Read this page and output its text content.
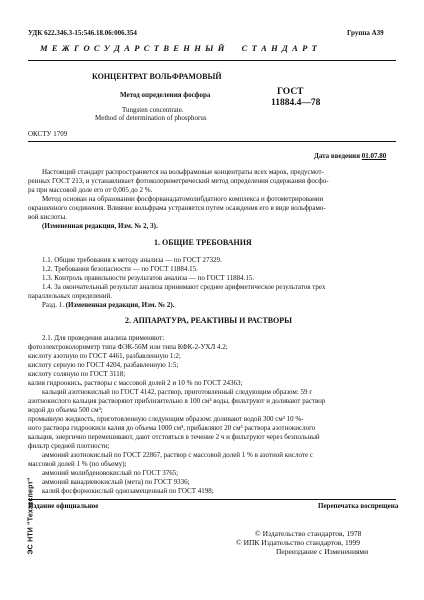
УДК 622.346.3-15:546.18.06:006.354	Группа А39
М Е Ж Г О С У Д А Р С Т В Е Н Н Ы Й     С Т А Н Д А Р Т
КОНЦЕНТРАТ ВОЛЬФРАМОВЫЙ
Метод определения фосфора
Tungsten concentrate.
Method of determination of phosphorus
ГОСТ
11884.4—78
ОКСТУ 1709
Дата введения 01.07.80
Настоящий стандарт распространяется на вольфрамовые концентраты всех марок, предусмот-
ренных ГОСТ 213, и устанавливает фотоколориметрический метод определения содержания фосфо-
ра при массовой доле его от 0,005 до 2 %.
Метод основан на образовании фосфорванадатомолибдатного комплекса и фотометрировании
окрашенного соединения. Влияние вольфрама устраняется путем осаждения его в виде вольфрамо-
вой кислоты.
(Измененная редакция, Изм. № 2, 3).
1. ОБЩИЕ ТРЕБОВАНИЯ
1.1. Общие требования к методу анализа — по ГОСТ 27329.
1.2. Требования безопасности — по ГОСТ 11884.15.
1.3. Контроль правильности результатов анализа — по ГОСТ 11884.15.
1.4. За окончательный результат анализа принимают среднее арифметическое результатов трех
параллельных определений.
Разд. 1. (Измененная редакция, Изм. № 2).
2. АППАРАТУРА, РЕАКТИВЫ И РАСТВОРЫ
2.1. Для проведения анализа применяют:
фотоэлектроколориметр типа ФЭК-56М или типа КФК-2-УХЛ 4.2;
кислоту азотную по ГОСТ 4461, разбавленную 1:2;
кислоту серную по ГОСТ 4204, разбавленную 1:5;
кислоту соляную по ГОСТ 3118;
калия гидроокись, растворы с массовой долей 2 и 10 % по ГОСТ 24363;
кальций азотнокислый по ГОСТ 4142, раствор, приготовленный следующим образом: 59 г
азотнокислого кальция растворяют приблизительно в 100 см³ воды, фильтруют и доливают раствор
водой до объема 500 см³;
промывную жидкость, приготовленную следующим образом: доливают водой 300 см³ 10 %-
ного раствора гидроокиси калия до объема 1000 см³, прибавляют 20 см³ раствора азотнокислого
кальция, энергично перемешивают, дают отстояться в течение 2 ч и фильтруют через безпольный
фильтр средней плотности;
аммоний азотнокислый по ГОСТ 22867, раствор с массовой долей 1 % в азотной кислоте с
массовой долей 1 % (по объему);
аммоний молибденовокислый по ГОСТ 3765;
аммоний ванадиевокислый (мета) по ГОСТ 9336;
калий фосфорнокислый однозамещенный по ГОСТ 4198;
Издание официальное	Перепечатка воспрещена
© Издательство стандартов, 1978
© ИПК Издательство стандартов, 1999
Переиздание с Изменениями
ЭС НТИ "Техэксперт"
